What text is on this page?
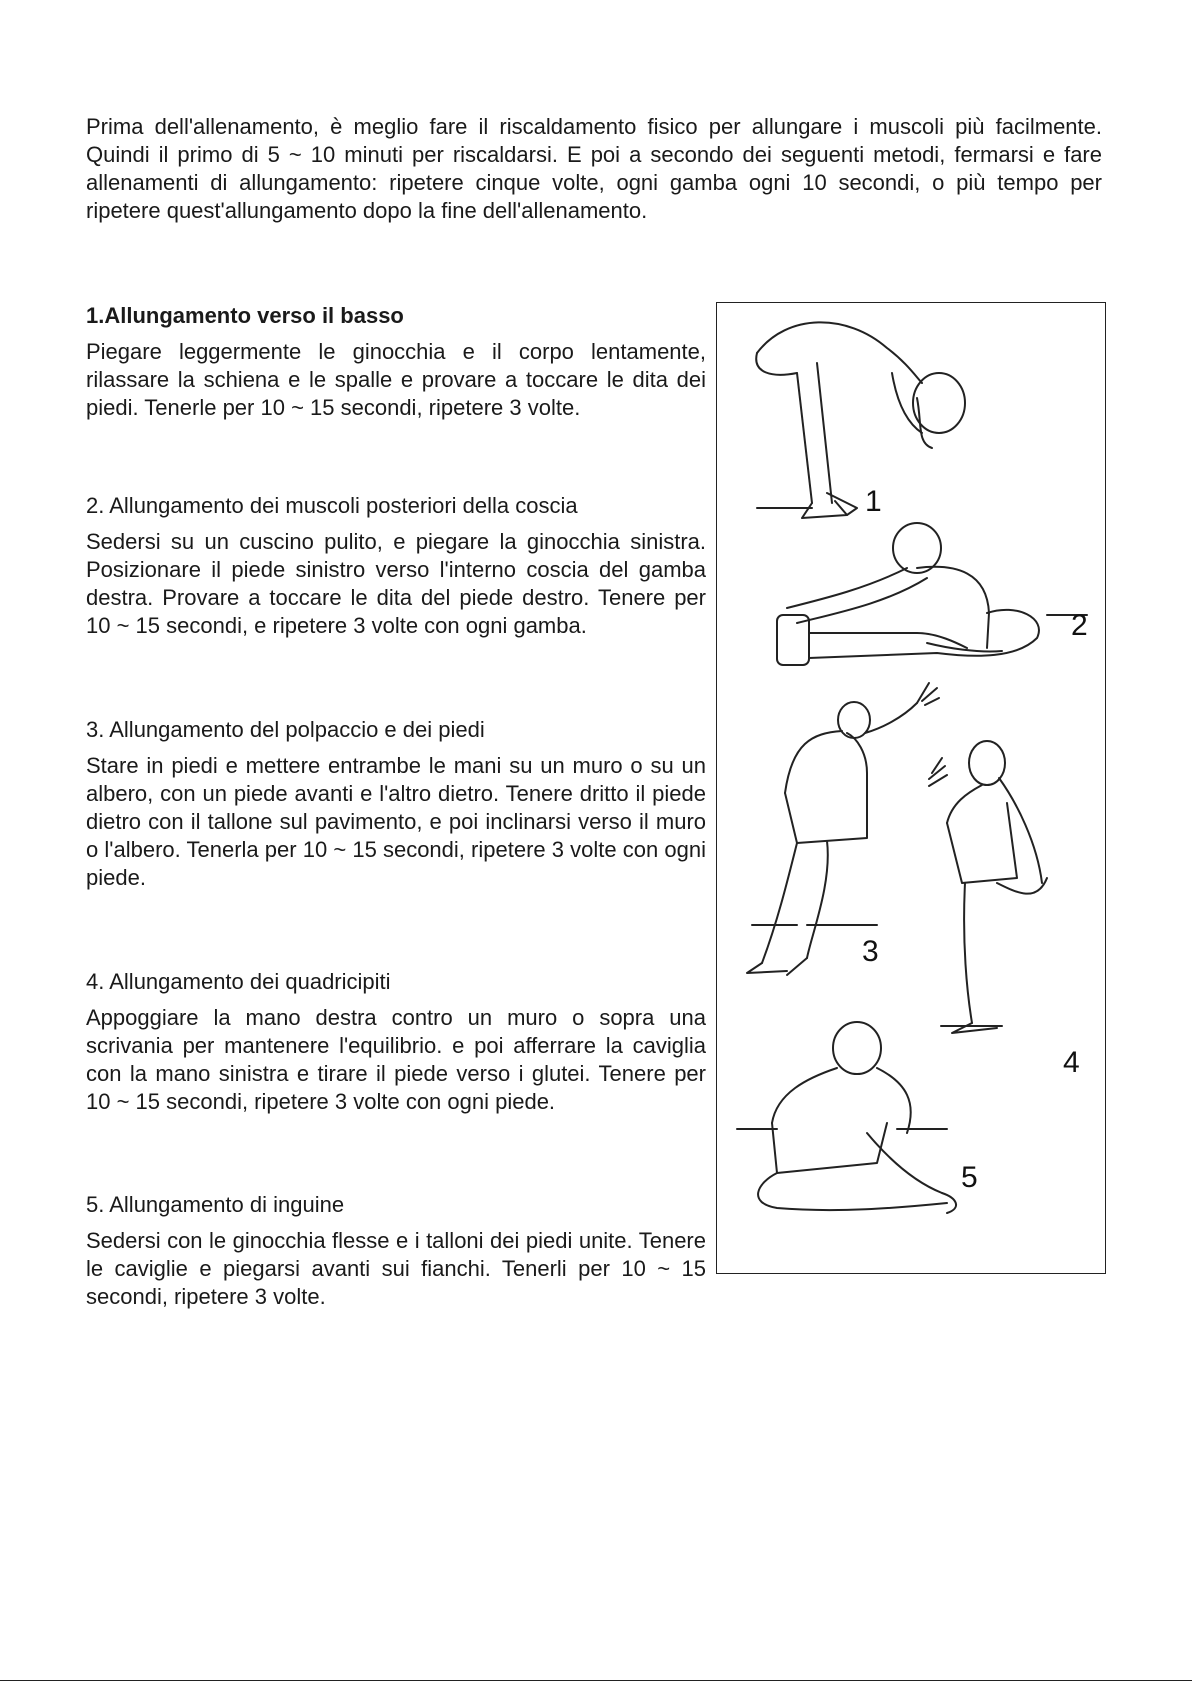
Prima dell'allenamento, è meglio fare il riscaldamento fisico per allungare i muscoli più facilmente. Quindi il primo di 5 ~ 10 minuti per riscaldarsi. E poi a secondo dei seguenti metodi, fermarsi e fare allenamenti di allungamento: ripetere cinque volte, ogni gamba ogni 10 secondi, o più tempo per ripetere quest'allungamento dopo la fine dell'allenamento.

1.Allungamento verso il basso

Piegare leggermente le ginocchia e il corpo lentamente, rilassare la schiena e le spalle e provare a toccare le dita dei piedi. Tenerle per 10 ~ 15 secondi, ripetere 3 volte.

2. Allungamento dei muscoli posteriori della coscia

Sedersi su un cuscino pulito, e piegare la ginocchia sinistra. Posizionare il piede sinistro verso l'interno coscia del gamba destra. Provare a toccare le dita del piede destro. Tenere per 10 ~ 15 secondi, e ripetere 3 volte con ogni gamba.

3. Allungamento del polpaccio e dei piedi

Stare in piedi e mettere entrambe le mani su un muro o su un albero, con un piede avanti e l'altro dietro. Tenere dritto il piede dietro con il tallone sul pavimento, e poi inclinarsi verso il muro o l'albero. Tenerla per 10 ~ 15 secondi, ripetere 3 volte con ogni piede.

4. Allungamento dei quadricipiti

Appoggiare la mano destra contro un muro o sopra una scrivania per mantenere l'equilibrio. e poi afferrare la caviglia con la mano sinistra e tirare il piede verso i glutei. Tenere per 10 ~ 15 secondi, ripetere 3 volte con ogni piede.

5. Allungamento di inguine

Sedersi con le ginocchia flesse e i talloni dei piedi unite. Tenere le caviglie e piegarsi avanti sui fianchi. Tenerli per 10 ~ 15 secondi, ripetere 3 volte.

1
2
3
4
5
